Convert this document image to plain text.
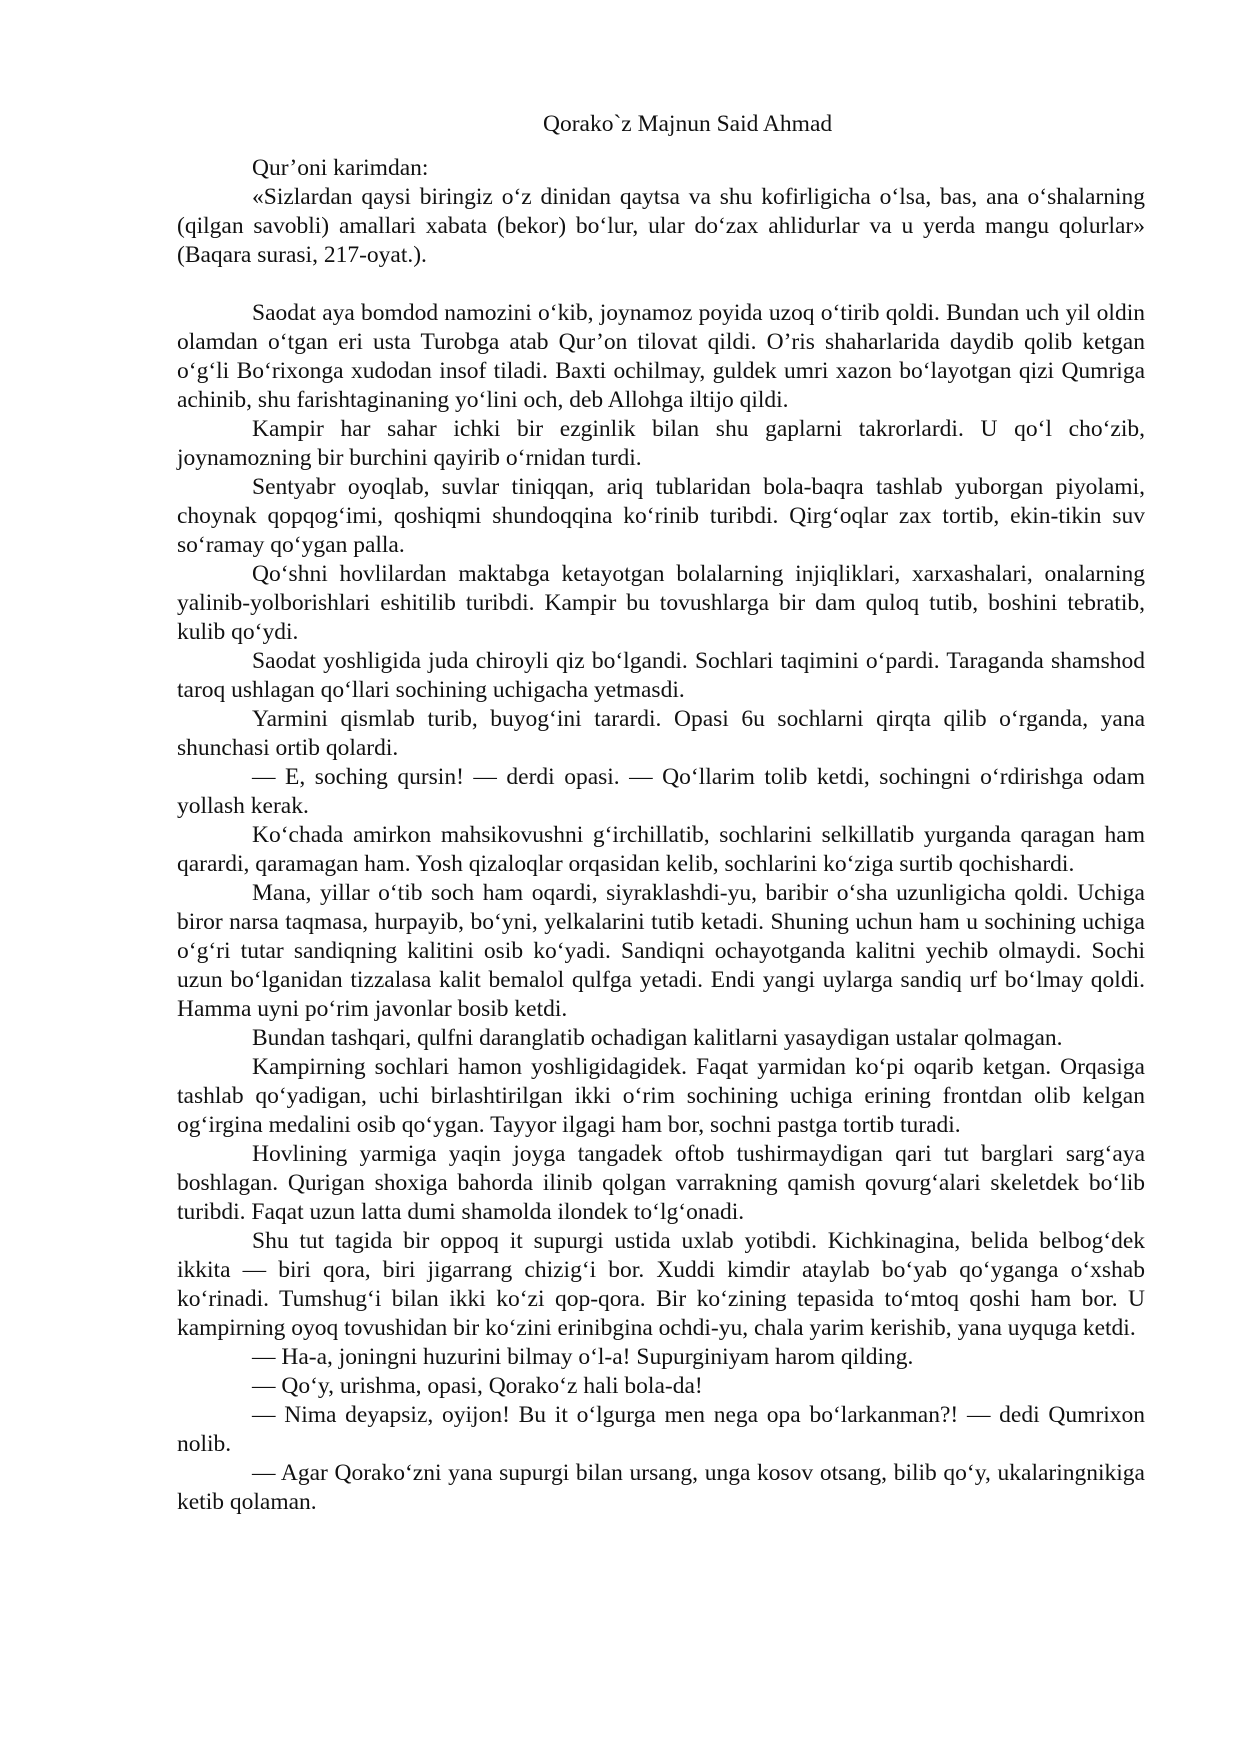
Qorako`z Majnun Said Ahmad

Qur’oni karimdan:

«Sizlardan qaysi biringiz o‘z dinidan qaytsa va shu kofirligicha o‘lsa, bas, ana o‘shalarning (qilgan savobli) amallari xabata (bekor) bo‘lur, ular do‘zax ahlidurlar va u yerda mangu qolurlar» (Baqara surasi, 217-oyat.).

Saodat aya bomdod namozini o‘kib, joynamoz poyida uzoq o‘tirib qoldi. Bundan uch yil oldin olamdan o‘tgan eri usta Turobga atab Qur’on tilovat qildi. O’ris shaharlarida daydib qolib ketgan o‘g‘li Bo‘rixonga xudodan insof tiladi. Baxti ochilmay, guldek umri xazon bo‘layotgan qizi Qumriga achinib, shu farishtaginaning yo‘lini och, deb Allohga iltijo qildi.

Kampir har sahar ichki bir ezginlik bilan shu gaplarni takrorlardi. U qo‘l cho‘zib, joynamozning bir burchini qayirib o‘rnidan turdi.

Sentyabr oyoqlab, suvlar tiniqqan, ariq tublaridan bola-baqra tashlab yuborgan piyolami, choynak qopqog‘imi, qoshiqmi shundoqqina ko‘rinib turibdi. Qirg‘oqlar zax tortib, ekin-tikin suv so‘ramay qo‘ygan palla.

Qo‘shni hovlilardan maktabga ketayotgan bolalarning injiqliklari, xarxashalari, onalarning yalinib-yolborishlari eshitilib turibdi. Kampir bu tovushlarga bir dam quloq tutib, boshini tebratib, kulib qo‘ydi.

Saodat yoshligida juda chiroyli qiz bo‘lgandi. Sochlari taqimini o‘pardi. Taraganda shamshod taroq ushlagan qo‘llari sochining uchigacha yetmasdi.

Yarmini qismlab turib, buyog‘ini tarardi. Opasi 6u sochlarni qirqta qilib o‘rganda, yana shunchasi ortib qolardi.

— E, soching qursin! — derdi opasi. — Qo‘llarim tolib ketdi, sochingni o‘rdirishga odam yollash kerak.

Ko‘chada amirkon mahsikovushni g‘irchillatib, sochlarini selkillatib yurganda qaragan ham qarardi, qaramagan ham. Yosh qizaloqlar orqasidan kelib, sochlarini ko‘ziga surtib qochishardi.

Mana, yillar o‘tib soch ham oqardi, siyraklashdi-yu, baribir o‘sha uzunligicha qoldi. Uchiga biror narsa taqmasa, hurpayib, bo‘yni, yelkalarini tutib ketadi. Shuning uchun ham u sochining uchiga o‘g‘ri tutar sandiqning kalitini osib ko‘yadi. Sandiqni ochayotganda kalitni yechib olmaydi. Sochi uzun bo‘lganidan tizzalasa kalit bemalol qulfga yetadi. Endi yangi uylarga sandiq urf bo‘lmay qoldi. Hamma uyni po‘rim javonlar bosib ketdi.

Bundan tashqari, qulfni daranglatib ochadigan kalitlarni yasaydigan ustalar qolmagan.

Kampirning sochlari hamon yoshligidagidek. Faqat yarmidan ko‘pi oqarib ketgan. Orqasiga tashlab qo‘yadigan, uchi birlashtirilgan ikki o‘rim sochining uchiga erining frontdan olib kelgan og‘irgina medalini osib qo‘ygan. Tayyor ilgagi ham bor, sochni pastga tortib turadi.

Hovlining yarmiga yaqin joyga tangadek oftob tushirmaydigan qari tut barglari sarg‘aya boshlagan. Qurigan shoxiga bahorda ilinib qolgan varrakning qamish qovurg‘alari skeletdek bo‘lib turibdi. Faqat uzun latta dumi shamolda ilondek to‘lg‘onadi.

Shu tut tagida bir oppoq it supurgi ustida uxlab yotibdi. Kichkinagina, belida belbog‘dek ikkita — biri qora, biri jigarrang chizig‘i bor. Xuddi kimdir ataylab bo‘yab qo‘yganga o‘xshab ko‘rinadi. Tumshug‘i bilan ikki ko‘zi qop-qora. Bir ko‘zining tepasida to‘mtoq qoshi ham bor. U kampirning oyoq tovushidan bir ko‘zini erinibgina ochdi-yu, chala yarim kerishib, yana uyquga ketdi.

— Ha-a, joningni huzurini bilmay o‘l-a! Supurginiyam harom qilding.

— Qo‘y, urishma, opasi, Qorako‘z hali bola-da!

— Nima deyapsiz, oyijon! Bu it o‘lgurga men nega opa bo‘larkanman?! — dedi Qumrixon nolib.

— Agar Qorako‘zni yana supurgi bilan ursang, unga kosov otsang, bilib qo‘y, ukalaringnikiga ketib qolaman.
